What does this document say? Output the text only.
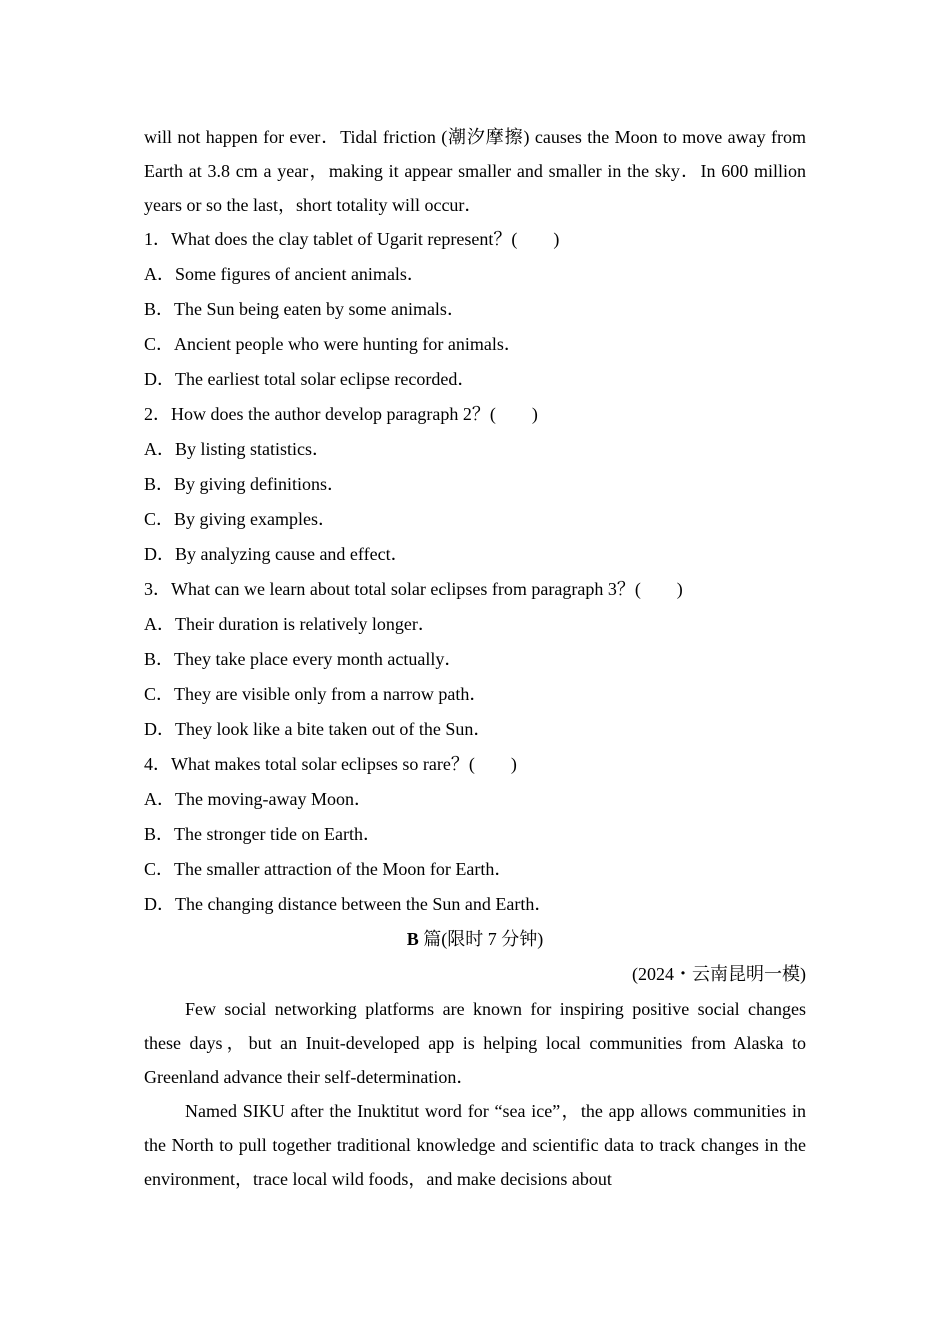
will not happen for ever．Tidal friction (潮汐摩擦) causes the Moon to move away from Earth at 3.8 cm a year，making it appear smaller and smaller in the sky．In 600 million years or so the last，short totality will occur．
1．What does the clay tablet of Ugarit represent？(　　)
A．Some figures of ancient animals．
B．The Sun being eaten by some animals．
C．Ancient people who were hunting for animals．
D．The earliest total solar eclipse recorded．
2．How does the author develop paragraph 2？(　　)
A．By listing statistics．
B．By giving definitions．
C．By giving examples．
D．By analyzing cause and effect．
3．What can we learn about total solar eclipses from paragraph 3？(　　)
A．Their duration is relatively longer．
B．They take place every month actually．
C．They are visible only from a narrow path．
D．They look like a bite taken out of the Sun．
4．What makes total solar eclipses so rare？(　　)
A．The moving-away Moon．
B．The stronger tide on Earth．
C．The smaller attraction of the Moon for Earth．
D．The changing distance between the Sun and Earth．
B 篇(限时 7 分钟)
(2024・云南昆明一模)
Few social networking platforms are known for inspiring positive social changes these days，but an Inuit-developed app is helping local communities from Alaska to Greenland advance their self-determination．
Named SIKU after the Inuktitut word for “sea ice”，the app allows communities in the North to pull together traditional knowledge and scientific data to track changes in the environment，trace local wild foods，and make decisions about
